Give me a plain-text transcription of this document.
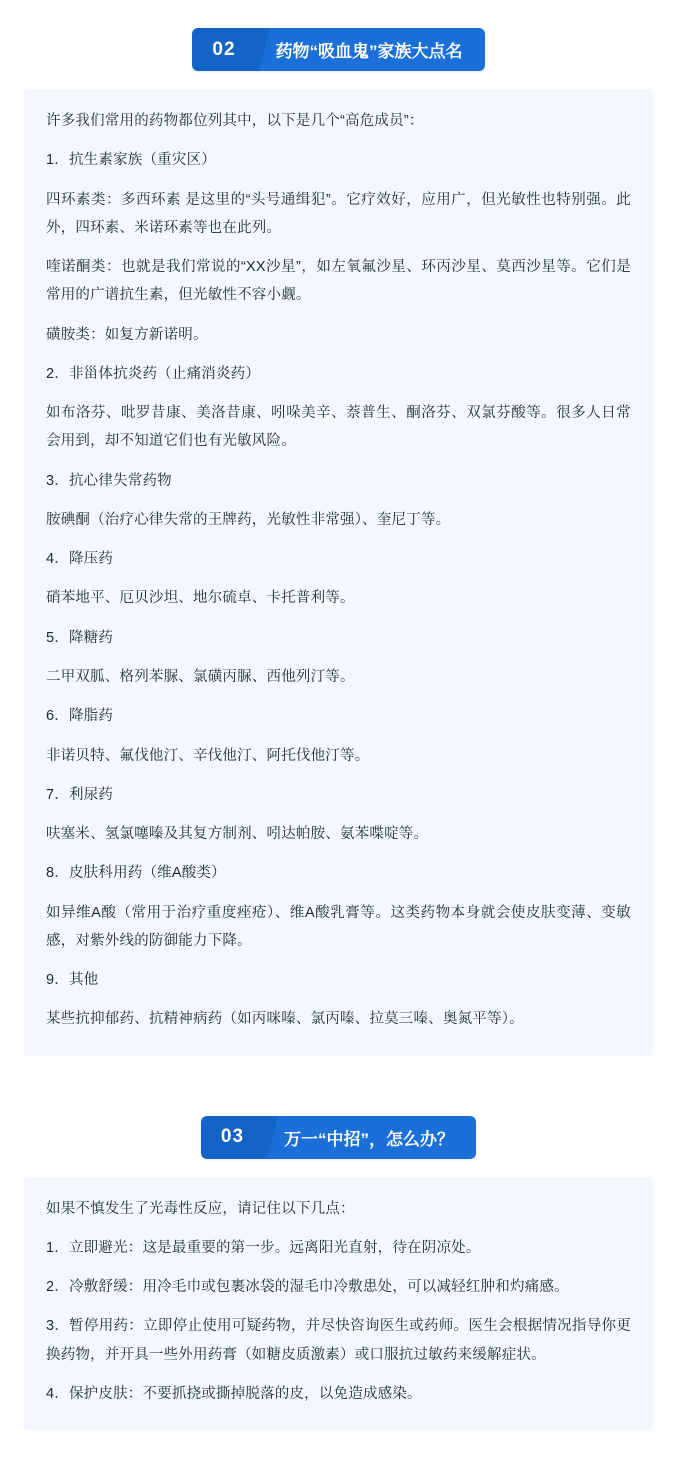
02	药物“吸血鬼”家族大点名

许多我们常用的药物都位列其中，以下是几个“高危成员”：

1．抗生素家族（重灾区）

四环素类：多西环素 是这里的“头号通缉犯”。它疗效好，应用广，但光敏性也特别强。此外，四环素、米诺环素等也在此列。

喹诺酮类：也就是我们常说的“XX沙星”，如左氧氟沙星、环丙沙星、莫西沙星等。它们是常用的广谱抗生素，但光敏性不容小觑。

磺胺类：如复方新诺明。

2．非甾体抗炎药（止痛消炎药）

如布洛芬、吡罗昔康、美洛昔康、吲哚美辛、萘普生、酮洛芬、双氯芬酸等。很多人日常会用到，却不知道它们也有光敏风险。

3．抗心律失常药物

胺碘酮（治疗心律失常的王牌药，光敏性非常强）、奎尼丁等。

4．降压药

硝苯地平、厄贝沙坦、地尔硫卓、卡托普利等。

5．降糖药

二甲双胍、格列苯脲、氯磺丙脲、西他列汀等。

6．降脂药

非诺贝特、氟伐他汀、辛伐他汀、阿托伐他汀等。

7．利尿药

呋塞米、氢氯噻嗪及其复方制剂、吲达帕胺、氨苯喋啶等。

8．皮肤科用药（维A酸类）

如异维A酸（常用于治疗重度痤疮）、维A酸乳膏等。这类药物本身就会使皮肤变薄、变敏感，对紫外线的防御能力下降。

9．其他

某些抗抑郁药、抗精神病药（如丙咪嗪、氯丙嗪、拉莫三嗪、奥氮平等）。

03	万一“中招”，怎么办？

如果不慎发生了光毒性反应，请记住以下几点：

1．立即避光：这是最重要的第一步。远离阳光直射，待在阴凉处。

2．冷敷舒缓：用冷毛巾或包裹冰袋的湿毛巾冷敷患处，可以减轻红肿和灼痛感。

3．暂停用药：立即停止使用可疑药物，并尽快咨询医生或药师。医生会根据情况指导你更换药物，并开具一些外用药膏（如糖皮质激素）或口服抗过敏药来缓解症状。

4．保护皮肤：不要抓挠或撕掉脱落的皮，以免造成感染。
